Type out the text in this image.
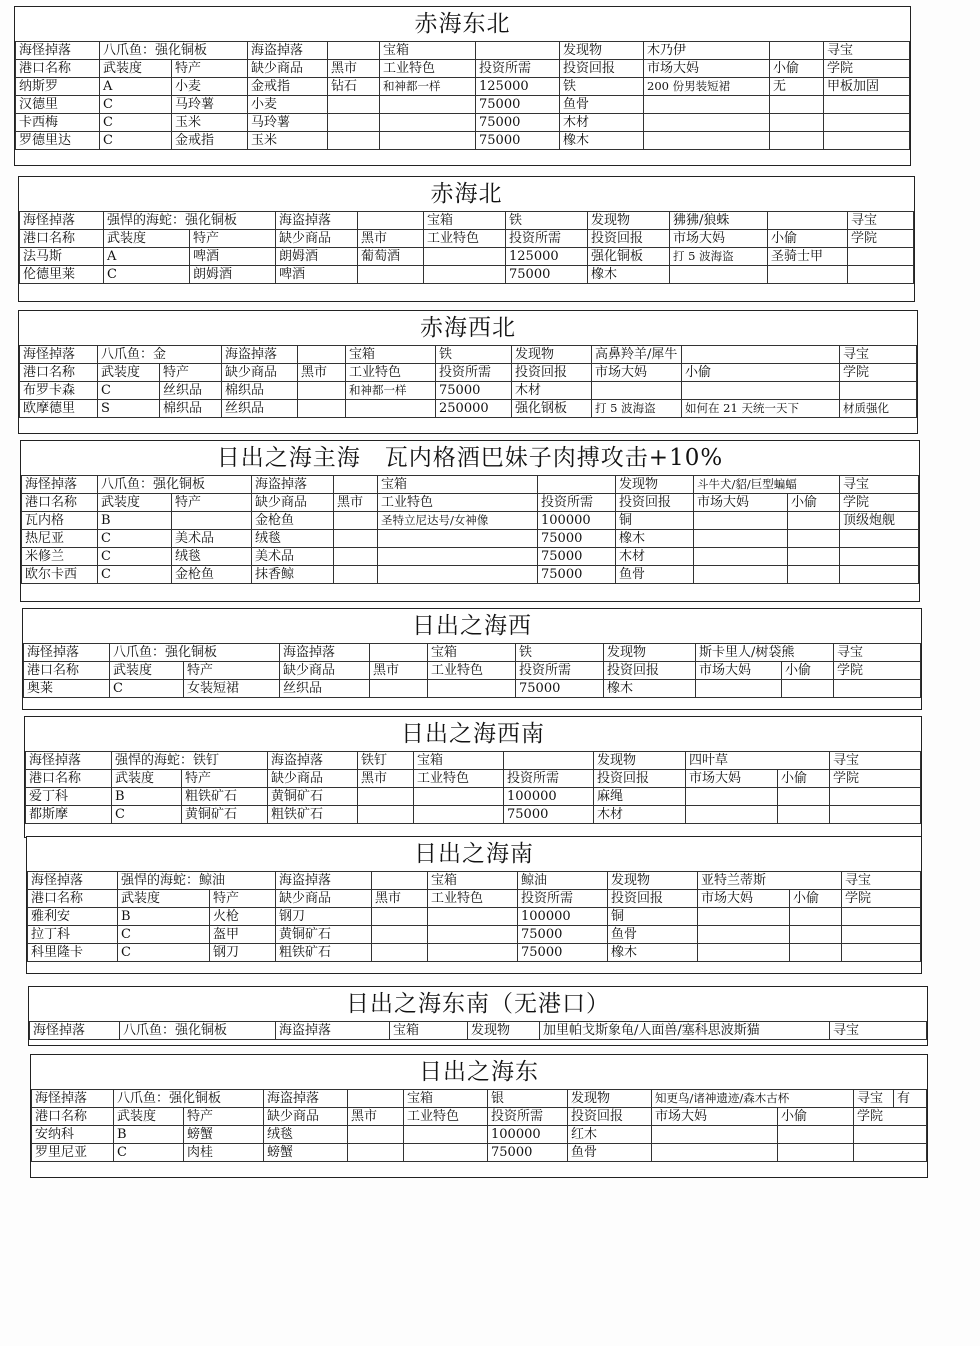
赤海东北
海怪掉落	八爪鱼：强化铜板		海盗掉落		宝箱		发现物	木乃伊		寻宝
港口名称	武装度	特产	缺少商品	黑市	工业特色	投资所需	投资回报	市场大妈	小偷	学院
纳斯罗	A	小麦	金戒指	钻石	和神都一样	125000	铁	200 份男装短裙	无	甲板加固
汉德里	C	马玲薯	小麦			75000	鱼骨			
卡西梅	C	玉米	马玲薯			75000	木材			
罗德里达	C	金戒指	玉米			75000	橡木			
赤海北
海怪掉落	强悍的海蛇：强化铜板		海盗掉落		宝箱	铁	发现物	狒狒/狼蛛		寻宝
港口名称	武装度	特产	缺少商品	黑市	工业特色	投资所需	投资回报	市场大妈	小偷	学院
法马斯	A	啤酒	朗姆酒	葡萄酒		125000	强化铜板	打 5 波海盗	圣骑士甲	
伦德里莱	C	朗姆酒	啤酒			75000	橡木			
赤海西北
海怪掉落	八爪鱼：金		海盗掉落		宝箱	铁	发现物	高鼻羚羊/犀牛		寻宝
港口名称	武装度	特产	缺少商品	黑市	工业特色	投资所需	投资回报	市场大妈	小偷	学院
布罗卡森	C	丝织品	棉织品		和神都一样	75000	木材			
欧摩德里	S	棉织品	丝织品			250000	强化钢板	打 5 波海盗	如何在 21 天统一天下	材质强化
日出之海主海　瓦内格酒巴妹子肉搏攻击+10%
海怪掉落	八爪鱼：强化铜板		海盗掉落		宝箱		发现物	斗牛犬/貂/巨型蝙蝠		寻宝
港口名称	武装度	特产	缺少商品	黑市	工业特色	投资所需	投资回报	市场大妈	小偷	学院
瓦内格	B		金枪鱼		圣特立尼达号/女神像	100000	铜			顶级炮舰
热尼亚	C	美术品	绒毯			75000	橡木			
米修兰	C	绒毯	美术品			75000	木材			
欧尔卡西	C	金枪鱼	抹香鲸			75000	鱼骨			
日出之海西
海怪掉落	八爪鱼：强化铜板		海盗掉落		宝箱	铁	发现物	斯卡里人/树袋熊		寻宝
港口名称	武装度	特产	缺少商品	黑市	工业特色	投资所需	投资回报	市场大妈	小偷	学院
奥莱	C	女装短裙	丝织品			75000	橡木			
日出之海西南
海怪掉落	强悍的海蛇：铁钉		海盗掉落	铁钉	宝箱		发现物	四叶草		寻宝
港口名称	武装度	特产	缺少商品	黑市	工业特色	投资所需	投资回报	市场大妈	小偷	学院
爱丁科	B	粗铁矿石	黄铜矿石			100000	麻绳			
都斯摩	C	黄铜矿石	粗铁矿石			75000	木材			
日出之海南
海怪掉落	强悍的海蛇：鲸油		海盗掉落		宝箱	鲸油	发现物	亚特兰蒂斯		寻宝
港口名称	武装度	特产	缺少商品	黑市	工业特色	投资所需	投资回报	市场大妈	小偷	学院
雅利安	B	火枪	钢刀			100000	铜			
拉丁科	C	盔甲	黄铜矿石			75000	鱼骨			
科里隆卡	C	钢刀	粗铁矿石			75000	橡木			
日出之海东南（无港口）
海怪掉落	八爪鱼：强化铜板	海盗掉落	宝箱	发现物	加里帕戈斯象龟/人面兽/塞科思波斯猫	寻宝
日出之海东
海怪掉落	八爪鱼：强化铜板		海盗掉落		宝箱	银	发现物	知更鸟/诸神遗迹/森木古杯		寻宝	有
港口名称	武装度	特产	缺少商品	黑市	工业特色	投资所需	投资回报	市场大妈	小偷	学院	
安纳科	B	螃蟹	绒毯			100000	红木				
罗里尼亚	C	肉桂	螃蟹			75000	鱼骨				
